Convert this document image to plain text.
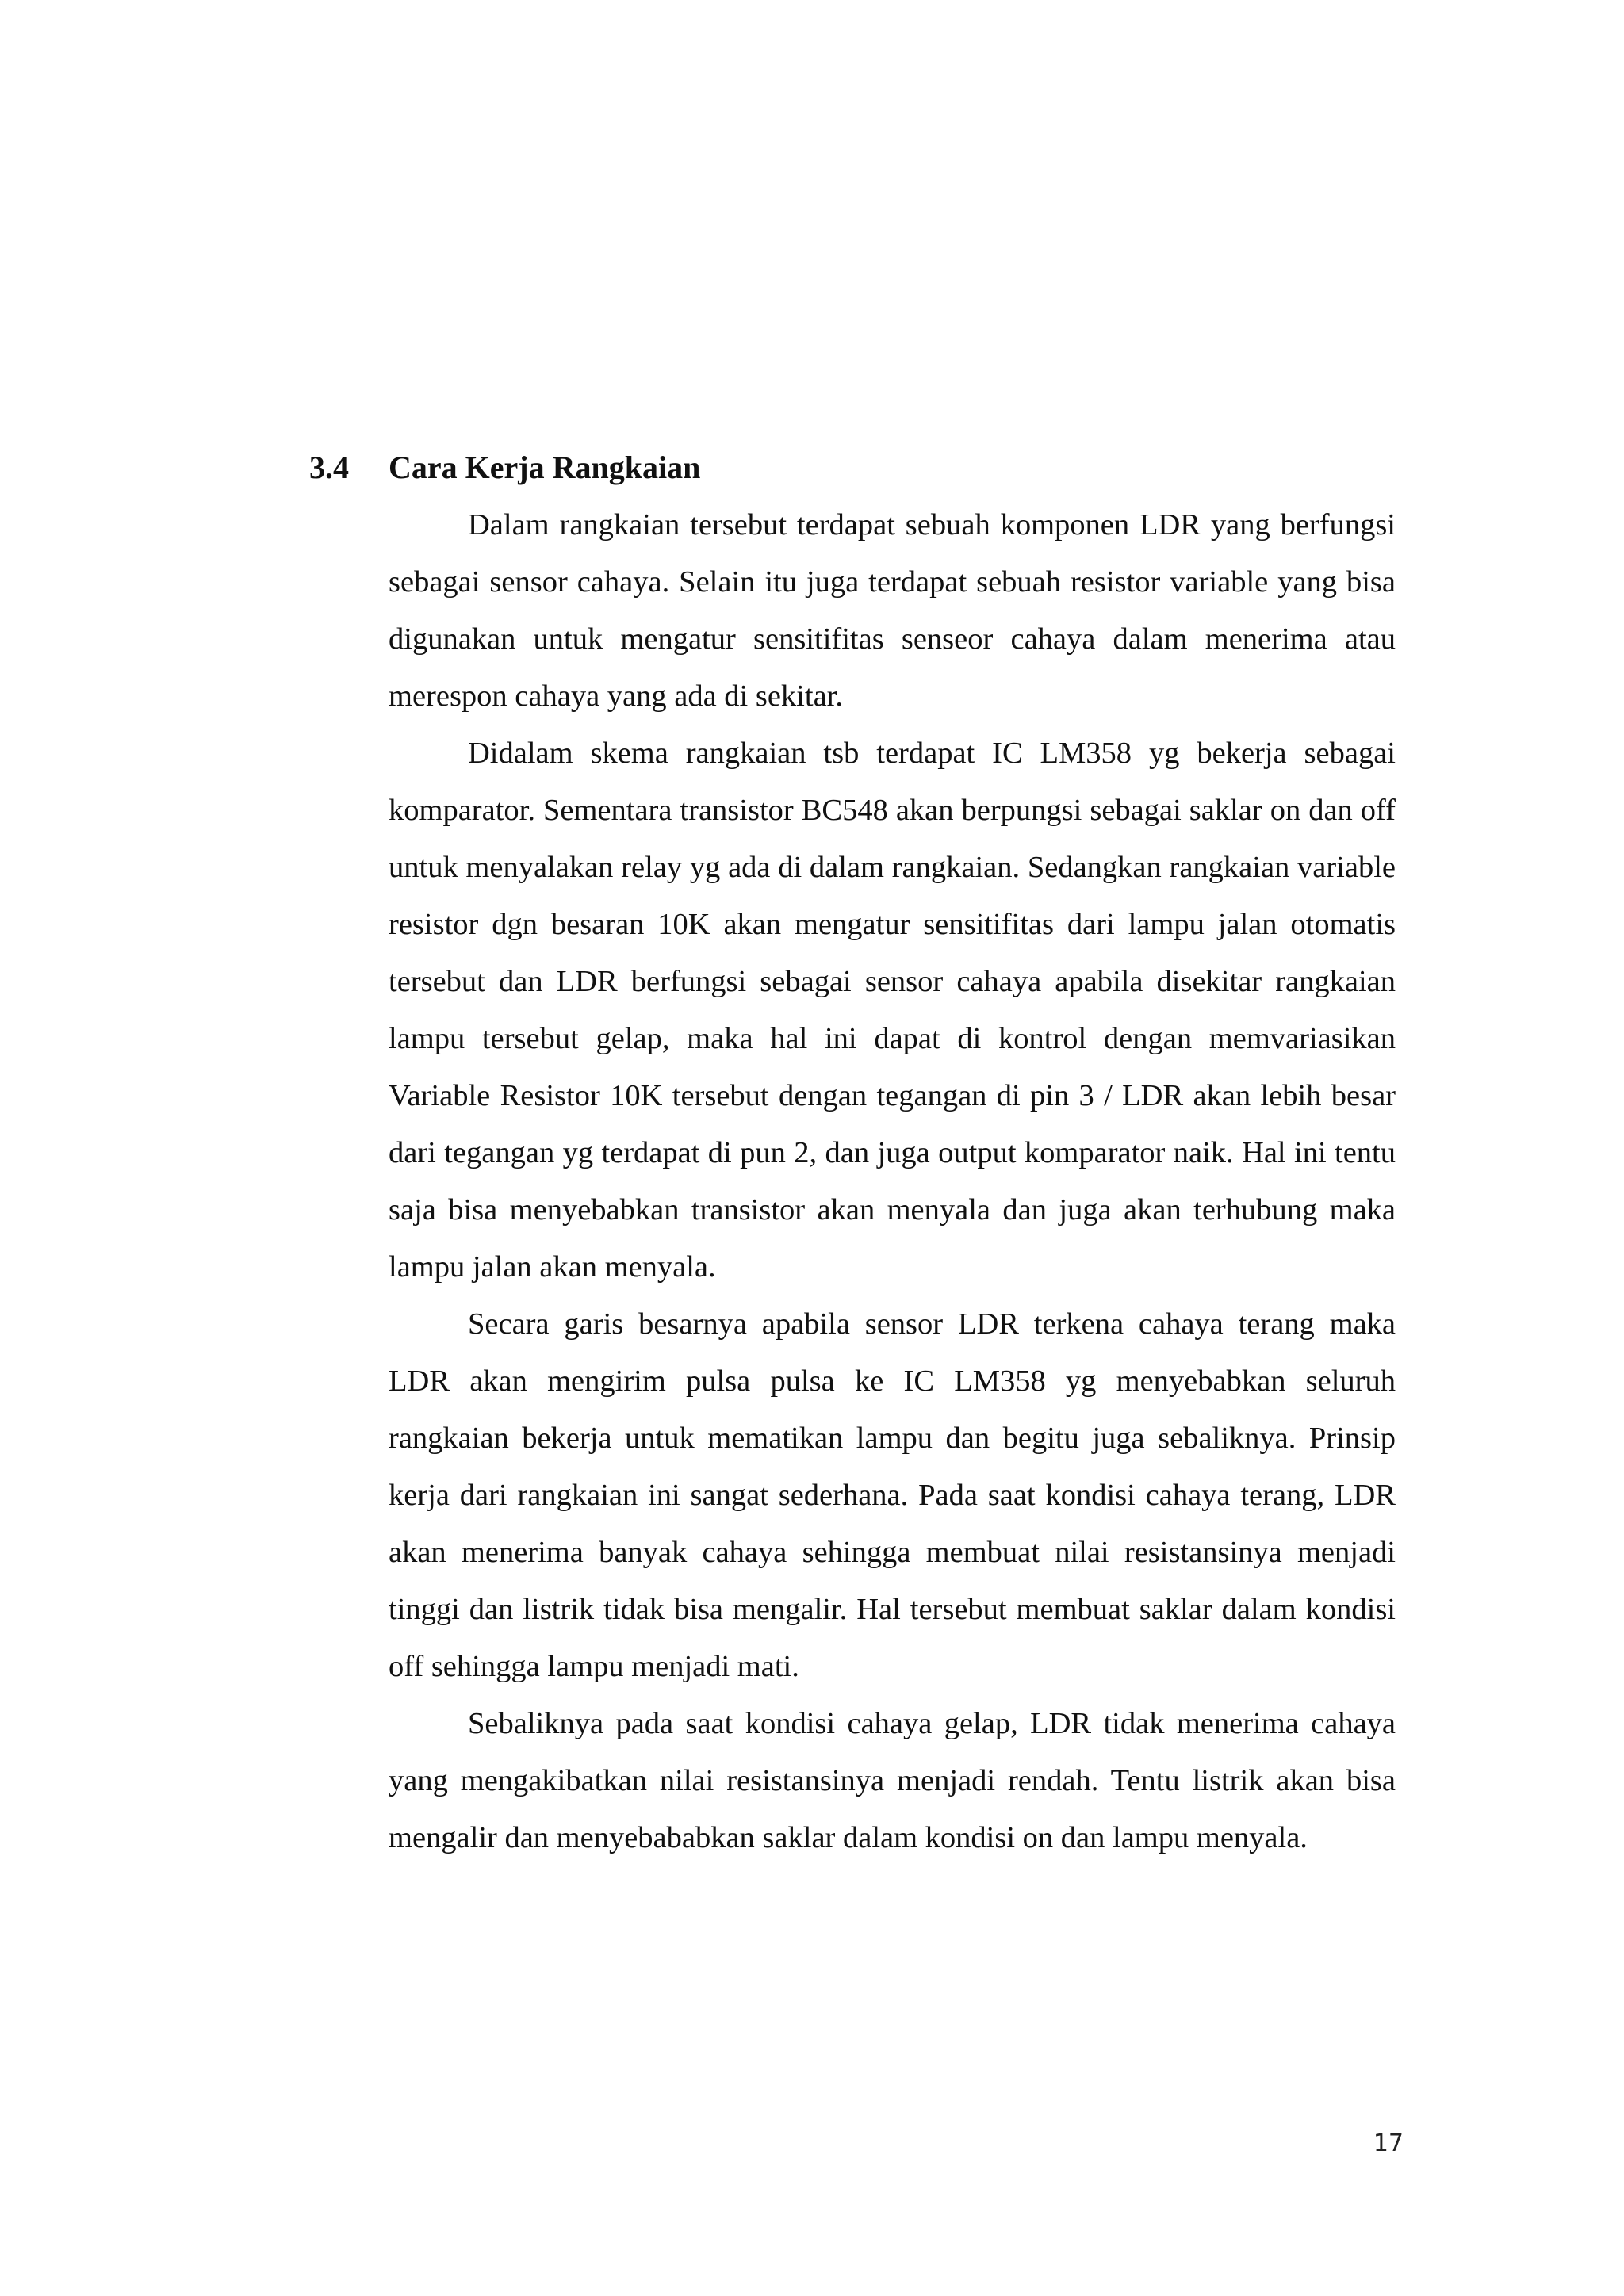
3.4 Cara Kerja Rangkaian

Dalam rangkaian tersebut terdapat sebuah komponen LDR yang berfungsi sebagai sensor cahaya. Selain itu juga terdapat sebuah resistor variable yang bisa digunakan untuk mengatur sensitifitas senseor cahaya dalam menerima atau merespon cahaya yang ada di sekitar.

Didalam skema rangkaian tsb terdapat IC LM358 yg bekerja sebagai komparator. Sementara transistor BC548 akan berpungsi sebagai saklar on dan off untuk menyalakan relay yg ada di dalam rangkaian. Sedangkan rangkaian variable resistor dgn besaran 10K akan mengatur sensitifitas dari lampu jalan otomatis tersebut dan LDR berfungsi sebagai sensor cahaya apabila disekitar rangkaian lampu tersebut gelap, maka hal ini dapat di kontrol dengan memvariasikan Variable Resistor 10K tersebut dengan tegangan di pin 3 / LDR akan lebih besar dari tegangan yg terdapat di pun 2, dan juga output komparator naik. Hal ini tentu saja bisa menyebabkan transistor akan menyala dan juga akan terhubung maka lampu jalan akan menyala.

Secara garis besarnya apabila sensor LDR terkena cahaya terang maka LDR akan mengirim pulsa pulsa ke IC LM358 yg menyebabkan seluruh rangkaian bekerja untuk mematikan lampu dan begitu juga sebaliknya. Prinsip kerja dari rangkaian ini sangat sederhana. Pada saat kondisi cahaya terang, LDR akan menerima banyak cahaya sehingga membuat nilai resistansinya menjadi tinggi dan listrik tidak bisa mengalir. Hal tersebut membuat saklar dalam kondisi off sehingga lampu menjadi mati.

Sebaliknya pada saat kondisi cahaya gelap, LDR tidak menerima cahaya yang mengakibatkan nilai resistansinya menjadi rendah. Tentu listrik akan bisa mengalir dan menyebababkan saklar dalam kondisi on dan lampu menyala.

17
